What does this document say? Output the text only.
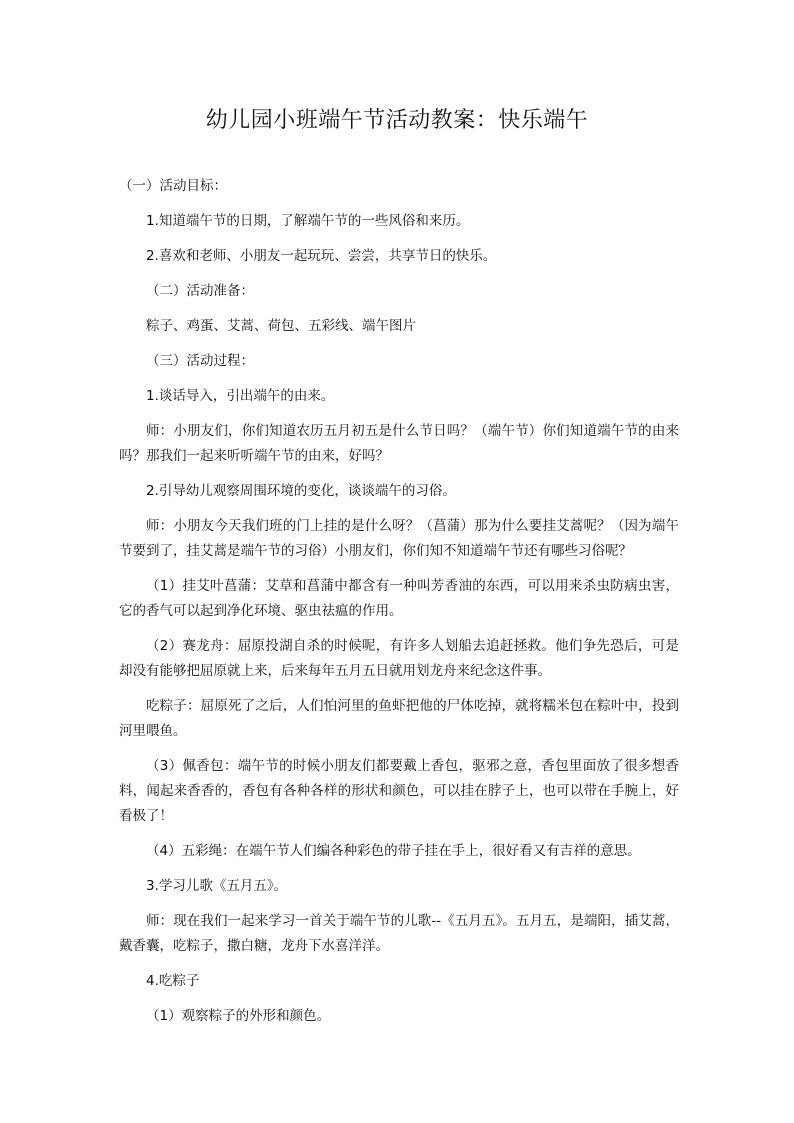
幼儿园小班端午节活动教案：快乐端午

（一）活动目标：

1.知道端午节的日期，了解端午节的一些风俗和来历。

2.喜欢和老师、小朋友一起玩玩、尝尝，共享节日的快乐。

（二）活动准备：

粽子、鸡蛋、艾蒿、荷包、五彩线、端午图片

（三）活动过程：

1.谈话导入，引出端午的由来。

师：小朋友们，你们知道农历五月初五是什么节日吗？（端午节）你们知道端午节的由来吗？那我们一起来听听端午节的由来，好吗？

2.引导幼儿观察周围环境的变化，谈谈端午的习俗。

师：小朋友今天我们班的门上挂的是什么呀？（菖蒲）那为什么要挂艾蒿呢？（因为端午节要到了，挂艾蒿是端午节的习俗）小朋友们，你们知不知道端午节还有哪些习俗呢？

（1）挂艾叶菖蒲：艾草和菖蒲中都含有一种叫芳香油的东西，可以用来杀虫防病虫害，它的香气可以起到净化环境、驱虫祛瘟的作用。

（2）赛龙舟：屈原投湖自杀的时候呢，有许多人划船去追赶拯救。他们争先恐后，可是却没有能够把屈原就上来，后来每年五月五日就用划龙舟来纪念这件事。

吃粽子：屈原死了之后，人们怕河里的鱼虾把他的尸体吃掉，就将糯米包在粽叶中，投到河里喂鱼。

（3）佩香包：端午节的时候小朋友们都要戴上香包，驱邪之意，香包里面放了很多想香料，闻起来香香的，香包有各种各样的形状和颜色，可以挂在脖子上，也可以带在手腕上，好看极了！

（4）五彩绳：在端午节人们编各种彩色的带子挂在手上，很好看又有吉祥的意思。

3.学习儿歌《五月五》。

师：现在我们一起来学习一首关于端午节的儿歌--《五月五》。五月五，是端阳，插艾蒿，戴香囊，吃粽子，撒白糖，龙舟下水喜洋洋。

4.吃粽子

（1）观察粽子的外形和颜色。
